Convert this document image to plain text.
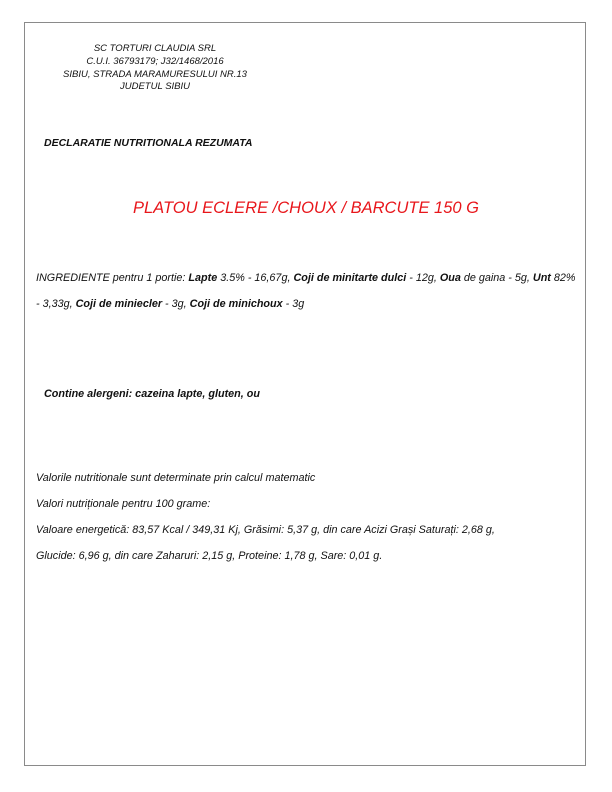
SC TORTURI CLAUDIA SRL
C.U.I. 36793179; J32/1468/2016
SIBIU, STRADA MARAMURESULUI NR.13
JUDETUL SIBIU
DECLARATIE NUTRITIONALA REZUMATA
PLATOU ECLERE /CHOUX / BARCUTE 150 G
INGREDIENTE pentru 1 portie: Lapte 3.5% - 16,67g, Coji de minitarte dulci - 12g, Oua de gaina - 5g, Unt 82% - 3,33g, Coji de miniecler - 3g, Coji de minichoux - 3g
Contine alergeni: cazeina lapte, gluten, ou
Valorile nutritionale sunt determinate prin calcul matematic
Valori nutriționale pentru 100 grame:
Valoare energetică: 83,57 Kcal / 349,31 Kj, Grăsimi: 5,37 g, din care Acizi Grași Saturați: 2,68 g,
Glucide: 6,96 g, din care Zaharuri: 2,15 g, Proteine: 1,78 g, Sare: 0,01 g.
